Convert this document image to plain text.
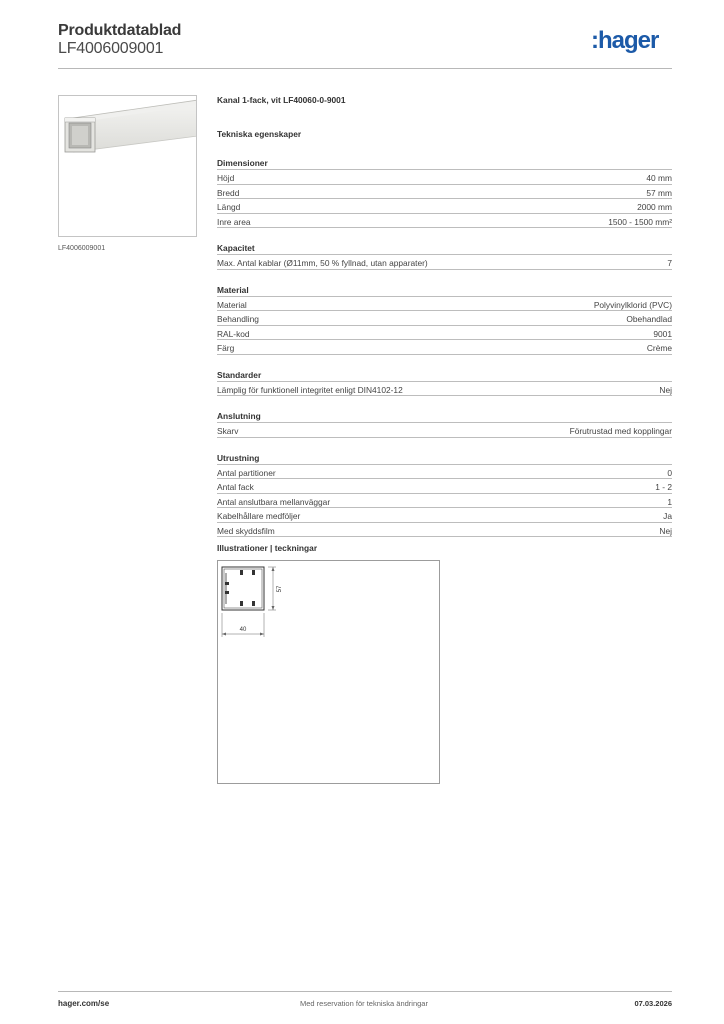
Produktdatablad
LF4006009001	:hager
LF4006009001
Kanal 1-fack, vit LF40060-0-9001
Tekniska egenskaper
Dimensioner
Höjd	40 mm
Bredd	57 mm
Längd	2000 mm
Inre area	1500 - 1500 mm²
Kapacitet
Max. Antal kablar (Ø11mm, 50 % fyllnad, utan apparater)	7
Material
Material	Polyvinylklorid (PVC)
Behandling	Obehandlad
RAL-kod	9001
Färg	Crème
Standarder
Lämplig för funktionell integritet enligt DIN4102-12	Nej
Anslutning
Skarv	Förutrustad med kopplingar
Utrustning
Antal partitioner	0
Antal fack	1 - 2
Antal anslutbara mellanväggar	1
Kabelhållare medföljer	Ja
Med skyddsfilm	Nej
Illustrationer | teckningar
57
40
hager.com/se	Med reservation för tekniska ändringar	07.03.2026
